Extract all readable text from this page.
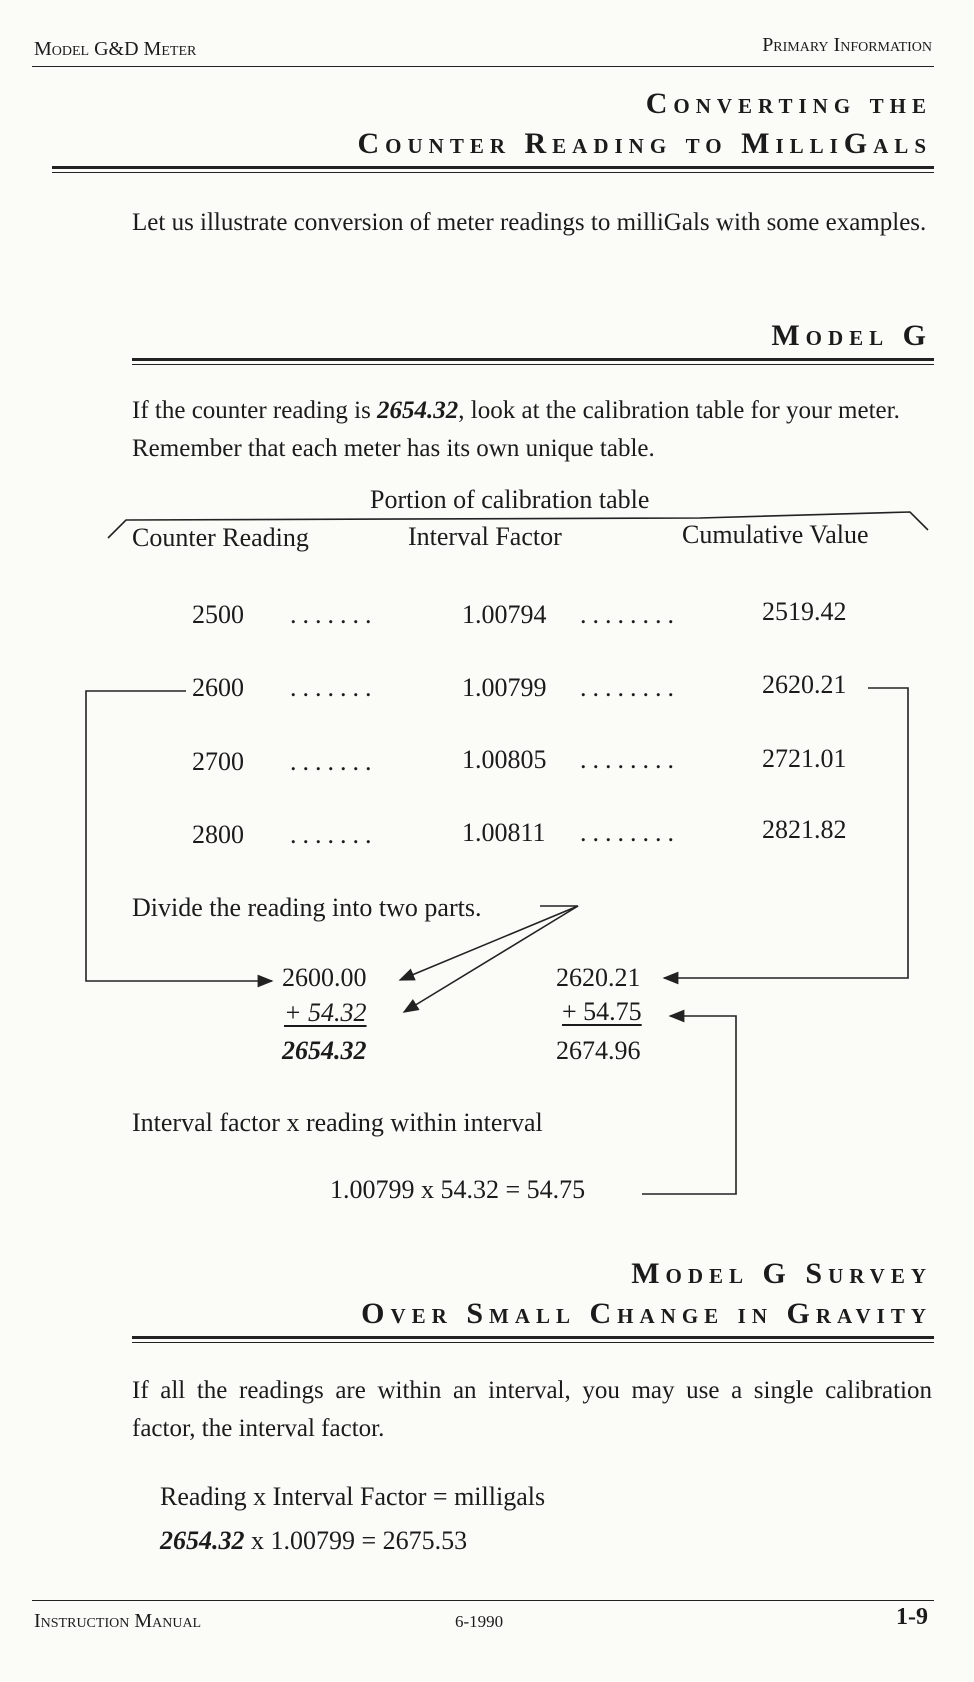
Model G&D Meter	Primary Information
Converting the
Counter Reading to MilliGals
Let us illustrate conversion of meter readings to milliGals with some examples.
Model G
If the counter reading is 2654.32, look at the calibration table for your meter. Remember that each meter has its own unique table.
Portion of calibration table
Counter Reading	Interval Factor	Cumulative Value
2500 .......	1.00794 ........	2519.42
2600 .......	1.00799 ........	2620.21
2700 .......	1.00805 ........	2721.01
2800 .......	1.00811 ........	2821.82
Divide the reading into two parts.
2600.00
+ 54.32
2654.32
2620.21
+ 54.75
2674.96
Interval factor x reading within interval
1.00799 x 54.32 = 54.75
Model G Survey
Over Small Change in Gravity
If all the readings are within an interval, you may use a single calibration factor, the interval factor.
Reading x Interval Factor = milligals
2654.32 x 1.00799 = 2675.53
Instruction Manual	6-1990	1-9
